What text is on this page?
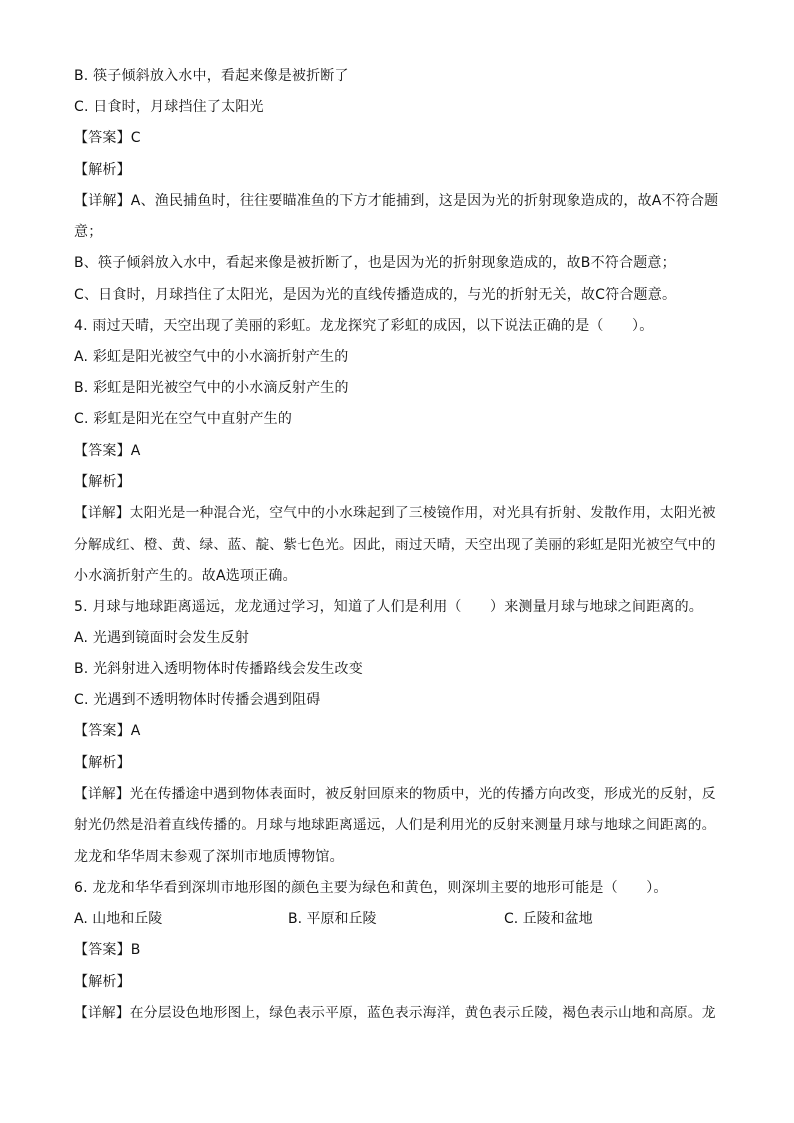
B. 筷子倾斜放入水中，看起来像是被折断了
C. 日食时，月球挡住了太阳光
【答案】C
【解析】
【详解】A、渔民捕鱼时，往往要瞄准鱼的下方才能捕到，这是因为光的折射现象造成的，故A不符合题
意；
B、筷子倾斜放入水中，看起来像是被折断了，也是因为光的折射现象造成的，故B不符合题意；
C、日食时，月球挡住了太阳光，是因为光的直线传播造成的，与光的折射无关，故C符合题意。
4. 雨过天晴，天空出现了美丽的彩虹。龙龙探究了彩虹的成因，以下说法正确的是（　　）。
A. 彩虹是阳光被空气中的小水滴折射产生的
B. 彩虹是阳光被空气中的小水滴反射产生的
C. 彩虹是阳光在空气中直射产生的
【答案】A
【解析】
【详解】太阳光是一种混合光，空气中的小水珠起到了三棱镜作用，对光具有折射、发散作用，太阳光被
分解成红、橙、黄、绿、蓝、靛、紫七色光。因此，雨过天晴，天空出现了美丽的彩虹是阳光被空气中的
小水滴折射产生的。故A选项正确。
5. 月球与地球距离遥远，龙龙通过学习，知道了人们是利用（　　）来测量月球与地球之间距离的。
A. 光遇到镜面时会发生反射
B. 光斜射进入透明物体时传播路线会发生改变
C. 光遇到不透明物体时传播会遇到阻碍
【答案】A
【解析】
【详解】光在传播途中遇到物体表面时，被反射回原来的物质中，光的传播方向改变，形成光的反射，反
射光仍然是沿着直线传播的。月球与地球距离遥远，人们是利用光的反射来测量月球与地球之间距离的。
龙龙和华华周末参观了深圳市地质博物馆。
6. 龙龙和华华看到深圳市地形图的颜色主要为绿色和黄色，则深圳主要的地形可能是（　　）。
A. 山地和丘陵	B. 平原和丘陵	C. 丘陵和盆地
【答案】B
【解析】
【详解】在分层设色地形图上，绿色表示平原，蓝色表示海洋，黄色表示丘陵，褐色表示山地和高原。龙
